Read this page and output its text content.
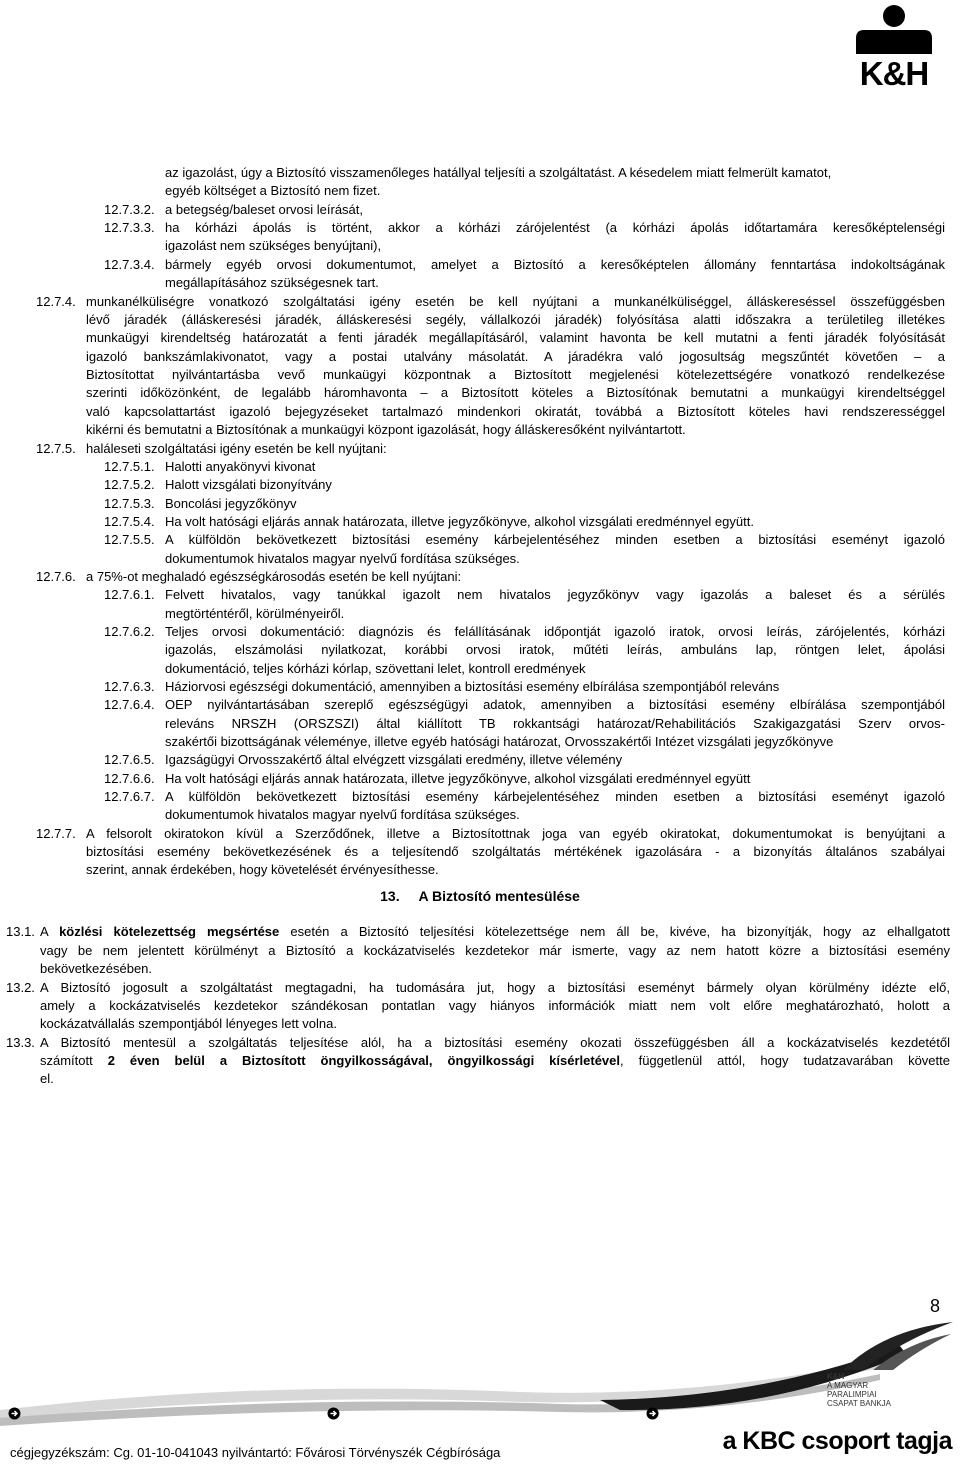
K&H
az igazolást, úgy a Biztosító visszamenőleges hatállyal teljesíti a szolgáltatást. A késedelem miatt felmerült kamatot,
egyéb költséget a Biztosító nem fizet.
12.7.3.2. a betegség/baleset orvosi leírását,
12.7.3.3. ha kórházi ápolás is történt, akkor a kórházi zárójelentést (a kórházi ápolás időtartamára keresőképtelenségi
igazolást nem szükséges benyújtani),
12.7.3.4. bármely egyéb orvosi dokumentumot, amelyet a Biztosító a keresőképtelen állomány fenntartása indokoltságának
megállapításához szükségesnek tart.
12.7.4. munkanélküliségre vonatkozó szolgáltatási igény esetén be kell nyújtani a munkanélküliséggel, álláskereséssel összefüggésben
lévő járadék (álláskeresési járadék, álláskeresési segély, vállalkozói járadék) folyósítása alatti időszakra a területileg illetékes
munkaügyi kirendeltség határozatát a fenti járadék megállapításáról, valamint havonta be kell mutatni a fenti járadék folyósítását
igazoló bankszámlakivonatot, vagy a postai utalvány másolatát. A járadékra való jogosultság megszűntét követően – a
Biztosítottat nyilvántartásba vevő munkaügyi központnak a Biztosított megjelenési kötelezettségére vonatkozó rendelkezése
szerinti időközönként, de legalább háromhavonta – a Biztosított köteles a Biztosítónak bemutatni a munkaügyi kirendeltséggel
való kapcsolattartást igazoló bejegyzéseket tartalmazó mindenkori okiratát, továbbá a Biztosított köteles havi rendszerességgel
kikérni és bemutatni a Biztosítónak a munkaügyi központ igazolását, hogy álláskeresőként nyilvántartott.
12.7.5. haláleseti szolgáltatási igény esetén be kell nyújtani:
12.7.5.1. Halotti anyakönyvi kivonat
12.7.5.2. Halott vizsgálati bizonyítvány
12.7.5.3. Boncolási jegyzőkönyv
12.7.5.4. Ha volt hatósági eljárás annak határozata, illetve jegyzőkönyve, alkohol vizsgálati eredménnyel együtt.
12.7.5.5. A külföldön bekövetkezett biztosítási esemény kárbejelentéséhez minden esetben a biztosítási eseményt igazoló
dokumentumok hivatalos magyar nyelvű fordítása szükséges.
12.7.6. a 75%-ot meghaladó egészségkárosodás esetén be kell nyújtani:
12.7.6.1. Felvett hivatalos, vagy tanúkkal igazolt nem hivatalos jegyzőkönyv vagy igazolás a baleset és a sérülés
megtörténtéről, körülményeiről.
12.7.6.2. Teljes orvosi dokumentáció: diagnózis és felállításának időpontját igazoló iratok, orvosi leírás, zárójelentés, kórházi
igazolás, elszámolási nyilatkozat, korábbi orvosi iratok, műtéti leírás, ambuláns lap, röntgen lelet, ápolási
dokumentáció, teljes kórházi kórlap, szövettani lelet, kontroll eredmények
12.7.6.3. Háziorvosi egészségi dokumentáció, amennyiben a biztosítási esemény elbírálása szempontjából releváns
12.7.6.4. OEP nyilvántartásában szereplő egészségügyi adatok, amennyiben a biztosítási esemény elbírálása szempontjából
releváns NRSZH (ORSZSZI) által kiállított TB rokkantsági határozat/Rehabilitációs Szakigazgatási Szerv orvos-
szakértői bizottságának véleménye, illetve egyéb hatósági határozat, Orvosszakértői Intézet vizsgálati jegyzőkönyve
12.7.6.5. Igazságügyi Orvosszakértő által elvégzett vizsgálati eredmény, illetve vélemény
12.7.6.6. Ha volt hatósági eljárás annak határozata, illetve jegyzőkönyve, alkohol vizsgálati eredménnyel együtt
12.7.6.7. A külföldön bekövetkezett biztosítási esemény kárbejelentéséhez minden esetben a biztosítási eseményt igazoló
dokumentumok hivatalos magyar nyelvű fordítása szükséges.
12.7.7. A felsorolt okiratokon kívül a Szerződőnek, illetve a Biztosítottnak joga van egyéb okiratokat, dokumentumokat is benyújtani a
biztosítási esemény bekövetkezésének és a teljesítendő szolgáltatás mértékének igazolására - a bizonyítás általános szabályai
szerint, annak érdekében, hogy követelését érvényesíthesse.
13. A Biztosító mentesülése
13.1. A közlési kötelezettség megsértése esetén a Biztosító teljesítési kötelezettsége nem áll be, kivéve, ha bizonyítják, hogy az elhallgatott
vagy be nem jelentett körülményt a Biztosító a kockázatviselés kezdetekor már ismerte, vagy az nem hatott közre a biztosítási esemény
bekövetkezésében.
13.2. A Biztosító jogosult a szolgáltatást megtagadni, ha tudomására jut, hogy a biztosítási eseményt bármely olyan körülmény idézte elő,
amely a kockázatviselés kezdetekor szándékosan pontatlan vagy hiányos információk miatt nem volt előre meghatározható, holott a
kockázatvállalás szempontjából lényeges lett volna.
13.3. A Biztosító mentesül a szolgáltatás teljesítése alól, ha a biztosítási esemény okozati összefüggésben áll a kockázatviselés kezdetétől
számított 2 éven belül a Biztosított öngyilkosságával, öngyilkossági kísérletével, függetlenül attól, hogy tudatzavarában követte
el.
8
K&H
A MAGYAR
PARALIMPIAI
CSAPAT BANKJA
cégjegyzékszám: Cg. 01-10-041043 nyilvántartó: Fővárosi Törvényszék Cégbírósága	a KBC csoport tagja
